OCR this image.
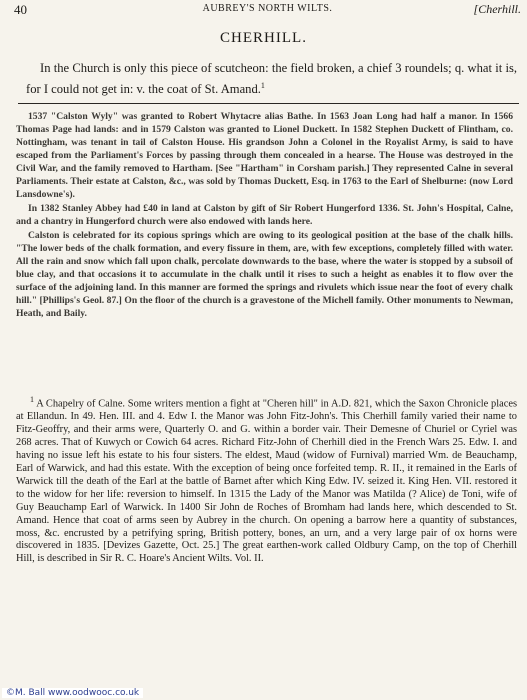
40	AUBREY'S NORTH WILTS.	[Cherhill.
CHERHILL.

In the Church is only this piece of scutcheon: the field broken, a chief 3 roundels; q. what it is, for I could not get in: v. the coat of St. Amand.$^1$

1537 "Calston Wyly" was granted to Robert Whytacre alias Bathe. In 1563 Joan Long had half a manor. In 1566 Thomas Page had lands: and in 1579 Calston was granted to Lionel Duckett. In 1582 Stephen Duckett of Flintham, co. Nottingham, was tenant in tail of Calston House. His grandson John a Colonel in the Royalist Army, is said to have escaped from the Parliament's Forces by passing through them concealed in a hearse. The House was destroyed in the Civil War, and the family removed to Hartham. [See "Hartham" in Corsham parish.] They represented Calne in several Parliaments. Their estate at Calston, &c., was sold by Thomas Duckett, Esq. in 1763 to the Earl of Shelburne: (now Lord Lansdowne's).

In 1382 Stanley Abbey had £40 in land at Calston by gift of Sir Robert Hungerford 1336. St. John's Hospital, Calne, and a chantry in Hungerford church were also endowed with lands here.

Calston is celebrated for its copious springs which are owing to its geological position at the base of the chalk hills. "The lower beds of the chalk formation, and every fissure in them, are, with few exceptions, completely filled with water. All the rain and snow which fall upon chalk, percolate downwards to the base, where the water is stopped by a subsoil of blue clay, and that occasions it to accumulate in the chalk until it rises to such a height as enables it to flow over the surface of the adjoining land. In this manner are formed the springs and rivulets which issue near the foot of every chalk hill." [Phillips's Geol. 87.] On the floor of the church is a gravestone of the Michell family. Other monuments to Newman, Heath, and Baily.

$^1$ A Chapelry of Calne. Some writers mention a fight at "Cheren hill" in A.D. 821, which the Saxon Chronicle places at Ellandun. In 49. Hen. III. and 4. Edw I. the Manor was John Fitz-John's. This Cherhill family varied their name to Fitz-Geoffry, and their arms were, Quarterly O. and G. within a border vair. Their Demesne of Churiel or Cyriel was 268 acres. That of Kuwych or Cowich 64 acres. Richard Fitz-John of Cherhill died in the French Wars 25. Edw. I. and having no issue left his estate to his four sisters. The eldest, Maud (widow of Furnival) married Wm. de Beauchamp, Earl of Warwick, and had this estate. With the exception of being once forfeited temp. R. II., it remained in the Earls of Warwick till the death of the Earl at the battle of Barnet after which King Edw. IV. seized it. King Hen. VII. restored it to the widow for her life: reversion to himself. In 1315 the Lady of the Manor was Matilda (? Alice) de Toni, wife of Guy Beauchamp Earl of Warwick. In 1400 Sir John de Roches of Bromham had lands here, which descended to St. Amand. Hence that coat of arms seen by Aubrey in the church. On opening a barrow here a quantity of substances, moss, &c. encrusted by a petrifying spring, British pottery, bones, an urn, and a very large pair of ox horns were discovered in 1835. [Devizes Gazette, Oct. 25.] The great earthen-work called Oldbury Camp, on the top of Cherhill Hill, is described in Sir R. C. Hoare's Ancient Wilts. Vol. II.

©M. Ball www.oodwooc.co.uk
